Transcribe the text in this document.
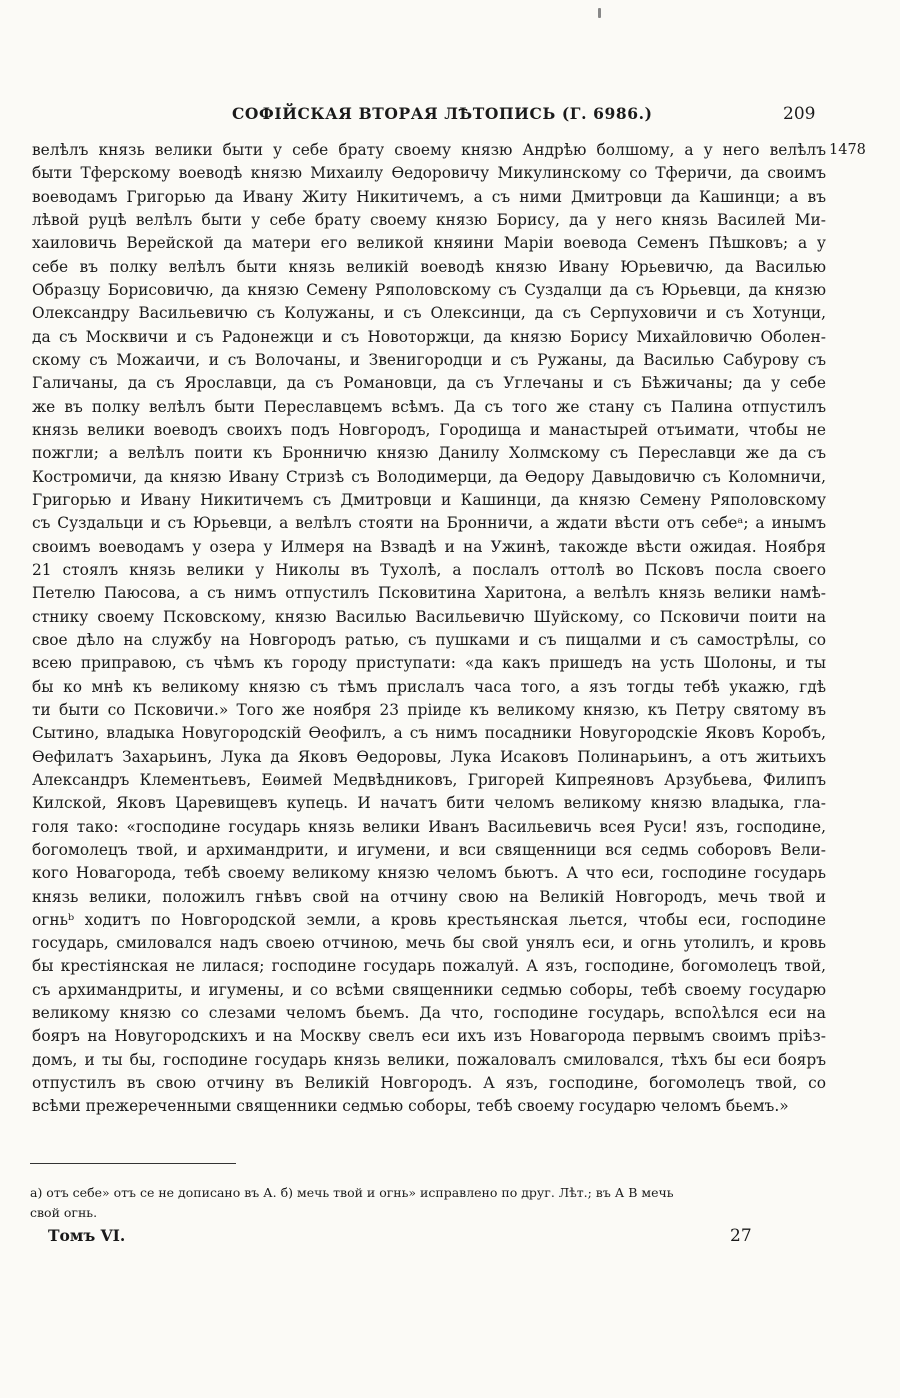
СОФІЙСКАЯ ВТОРАЯ ЛѢТОПИСЬ (Г. 6986.)	209
1478
велѣлъ князь велики быти у себе брату своему князю Андрѣю болшому, а у него велѣлъ
быти Тферскому воеводѣ князю Михаилу Ѳедоровичу Микулинскому со Тферичи, да своимъ
воеводамъ Григорью да Ивану Житу Никитичемъ, а съ ними Дмитровци да Кашинци; а въ
лѣвой руцѣ велѣлъ быти у себе брату своему князю Борису, да у него князь Василей Ми-
хаиловичь Верейской да матери его великой княини Маріи воевода Семенъ Пѣшковъ; а у
себе въ полку велѣлъ быти князь великій воеводѣ князю Ивану Юрьевичю, да Василью
Образцу Борисовичю, да князю Семену Ряполовскому съ Суздалци да съ Юрьевци, да князю
Олександру Васильевичю съ Колужаны, и съ Олексинци, да съ Серпуховичи и съ Хотунци,
да съ Москвичи и съ Радонежци и съ Новоторжци, да князю Борису Михайловичю Оболен-
скому съ Можаичи, и съ Волочаны, и Звенигородци и съ Ружаны, да Василью Сабурову съ
Галичаны, да съ Ярославци, да съ Романовци, да съ Углечаны и съ Бѣжичаны; да у себе
же въ полку велѣлъ быти Переславцемъ всѣмъ. Да съ того же стану съ Палина отпустилъ
князь велики воеводъ своихъ подъ Новгородъ, Городища и манастырей отъимати, чтобы не
пожгли; а велѣлъ поити къ Бронничю князю Данилу Холмскому съ Переславци же да съ
Костромичи, да князю Ивану Стризѣ съ Володимерци, да Ѳедору Давыдовичю съ Коломничи,
Григорью и Ивану Никитичемъ съ Дмитровци и Кашинци, да князю Семену Ряполовскому
съ Суздальци и съ Юрьевци, а велѣлъ стояти на Бронничи, а ждати вѣсти отъ себеᵃ; а инымъ
своимъ воеводамъ у озера у Илмеря на Взвадѣ и на Ужинѣ, такожде вѣсти ожидая. Ноября
21 стоялъ князь велики у Николы въ Тухолѣ, а послалъ оттолѣ во Псковъ посла своего
Петелю Паюсова, а съ нимъ отпустилъ Псковитина Харитона, а велѣлъ князь велики намѣ-
стнику своему Псковскому, князю Василью Васильевичю Шуйскому, со Псковичи поити на
свое дѣло на службу на Новгородъ ратью, съ пушками и съ пищалми и съ самострѣлы, со
всею приправою, съ чѣмъ къ городу приступати: «да какъ пришедъ на усть Шолоны, и ты
бы ко мнѣ къ великому князю съ тѣмъ прислалъ часа того, а язъ тогды тебѣ укажю, гдѣ
ти быти со Псковичи.» Того же ноября 23 пріиде къ великому князю, къ Петру святому въ
Сытино, владыка Новугородскій Ѳеофилъ, а съ нимъ посадники Новугородскіе Яковъ Коробъ,
Ѳефилатъ Захарьинъ, Лука да Яковъ Ѳедоровы, Лука Исаковъ Полинарьинъ, а отъ житьихъ
Александръ Клементьевъ, Еѳимей Медвѣдниковъ, Григорей Кипреяновъ Арзубьева, Филипъ
Килской, Яковъ Царевищевъ купець. И начатъ бити челомъ великому князю владыка, гла-
голя тако: «господине государь князь велики Иванъ Васильевичь всея Руси! язъ, господине,
богомолецъ твой, и архимандрити, и игумени, и вси священници вся седмь соборовъ Вели-
кого Новагорода, тебѣ своему великому князю челомъ бьютъ. А что еси, господине государь
князь велики, положилъ гнѣвъ свой на отчину свою на Великій Новгородъ, мечь твой и
огньᵇ ходитъ по Новгородской земли, а кровь крестьянская льется, чтобы еси, господине
государь, смиловался надъ своею отчиною, мечь бы свой унялъ еси, и огнь утолилъ, и кровь
бы крестіянская не лилася; господине государь пожалуй. А язъ, господине, богомолецъ твой,
съ архимандриты, и игумены, и со всѣми священники седмью соборы, тебѣ своему государю
великому князю со слезами челомъ бьемъ. Да что, господине государь, вспολѣлся еси на
бояръ на Новугородскихъ и на Москву свелъ еси ихъ изъ Новагорода первымъ своимъ пріѣз-
домъ, и ты бы, господине государь князь велики, пожаловалъ смиловался, тѣхъ бы еси бояръ
отпустилъ въ свою отчину въ Великій Новгородъ. А язъ, господине, богомолецъ твой, со
всѣми прежереченными священники седмью соборы, тебѣ своему государю челомъ бьемъ.»
а) отъ себе» отъ се не дописано въ А. б) мечь твой и огнь» исправлено по друг. Лѣт.; въ А В мечь
свой огнь.
Томъ VI.	27
